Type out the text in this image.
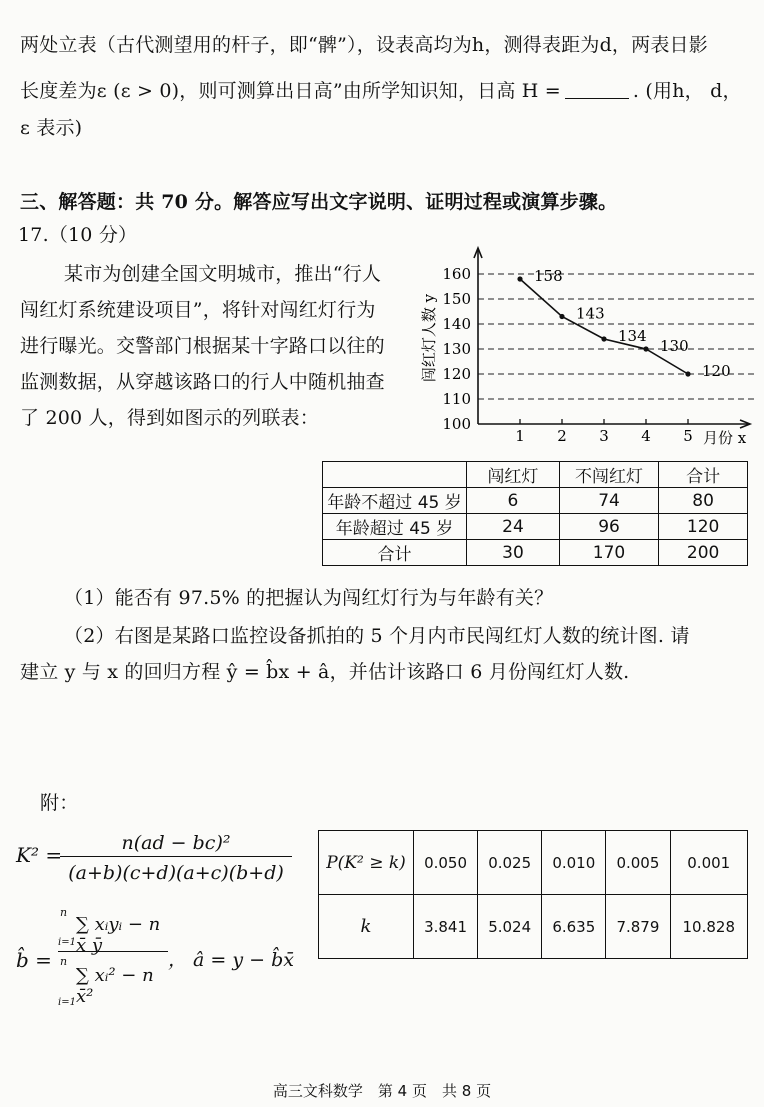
两处立表（古代测望用的杆子，即“髀”），设表高均为h，测得表距为d，两表日影
长度差为ε (ε > 0)，则可测算出日高”由所学知识知，日高 H =	. (用h， d，
ε 表示)
三、解答题：共 70 分。解答应写出文字说明、证明过程或演算步骤。
17.（10 分）
某市为创建全国文明城市，推出“行人
闯红灯系统建设项目”，将针对闯红灯行为
进行曝光。交警部门根据某十字路口以往的
监测数据，从穿越该路口的行人中随机抽查
了 200 人，得到如图示的列联表：	100
110
120
130
140
150
160
1 2 3 4 5
158
143
134
130
120
闯红灯人数 y
月份 x
	闯红灯	不闯红灯	合计
年龄不超过 45 岁	6	74	80
年龄超过 45 岁	24	96	120
合计	30	170	200
（1）能否有 97.5% 的把握认为闯红灯行为与年龄有关？
（2）右图是某路口监控设备抓拍的 5 个月内市民闯红灯人数的统计图. 请
建立 y 与 x 的回归方程 ŷ = b̂x + â，并估计该路口 6 月份闯红灯人数.
附：
K² =	n(ad − bc)²
(a+b)(c+d)(a+c)(b+d)
b̂ =
n
∑ xᵢyᵢ − n x̄ ȳ
i=1
n
∑ xᵢ² − n x̄²
i=1
， â = y − b̂x̄
P(K² ≥ k)	0.050	0.025	0.010	0.005	0.001
k	3.841	5.024	6.635	7.879	10.828
高三文科数学　第 4 页　共 8 页
